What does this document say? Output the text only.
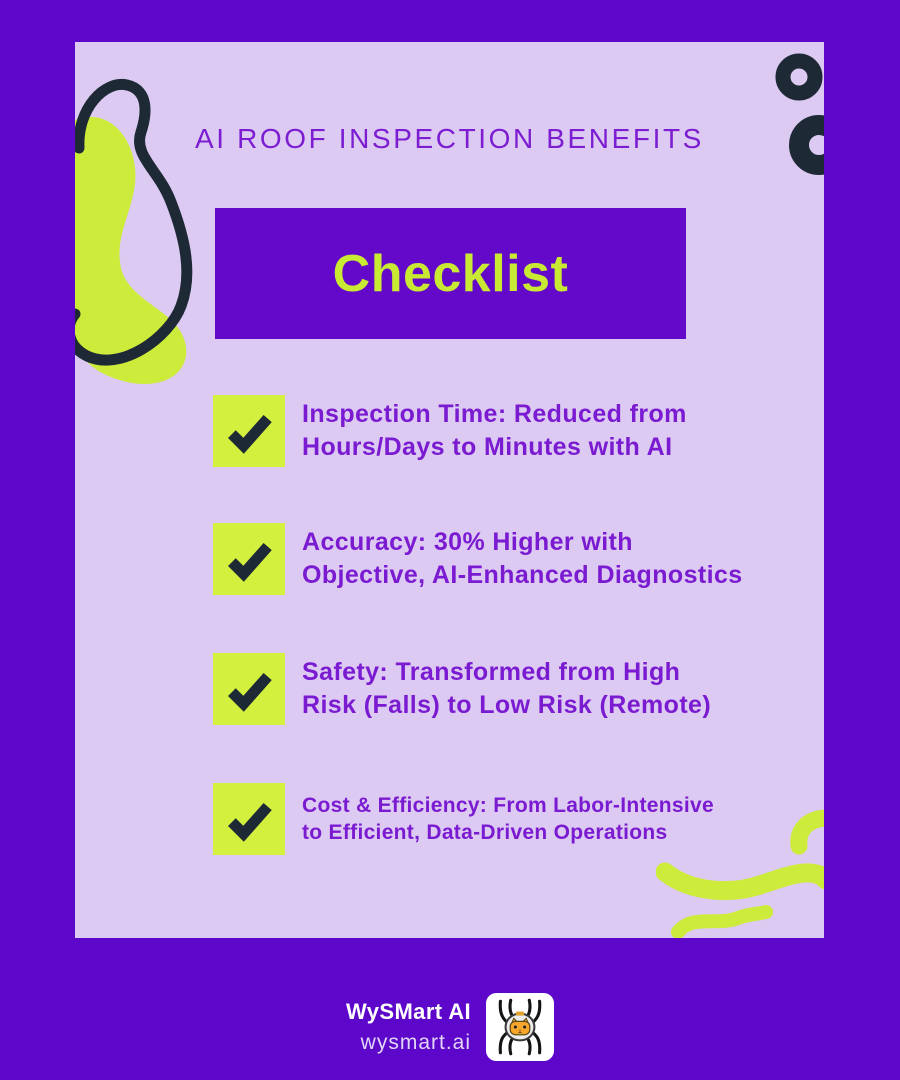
AI ROOF INSPECTION BENEFITS
Checklist
Inspection Time: Reduced from
Hours/Days to Minutes with AI
Accuracy: 30% Higher with
Objective, AI-Enhanced Diagnostics
Safety: Transformed from High
Risk (Falls) to Low Risk (Remote)
Cost & Efficiency: From Labor-Intensive
to Efficient, Data-Driven Operations
WySMart AI
wysmart.ai
